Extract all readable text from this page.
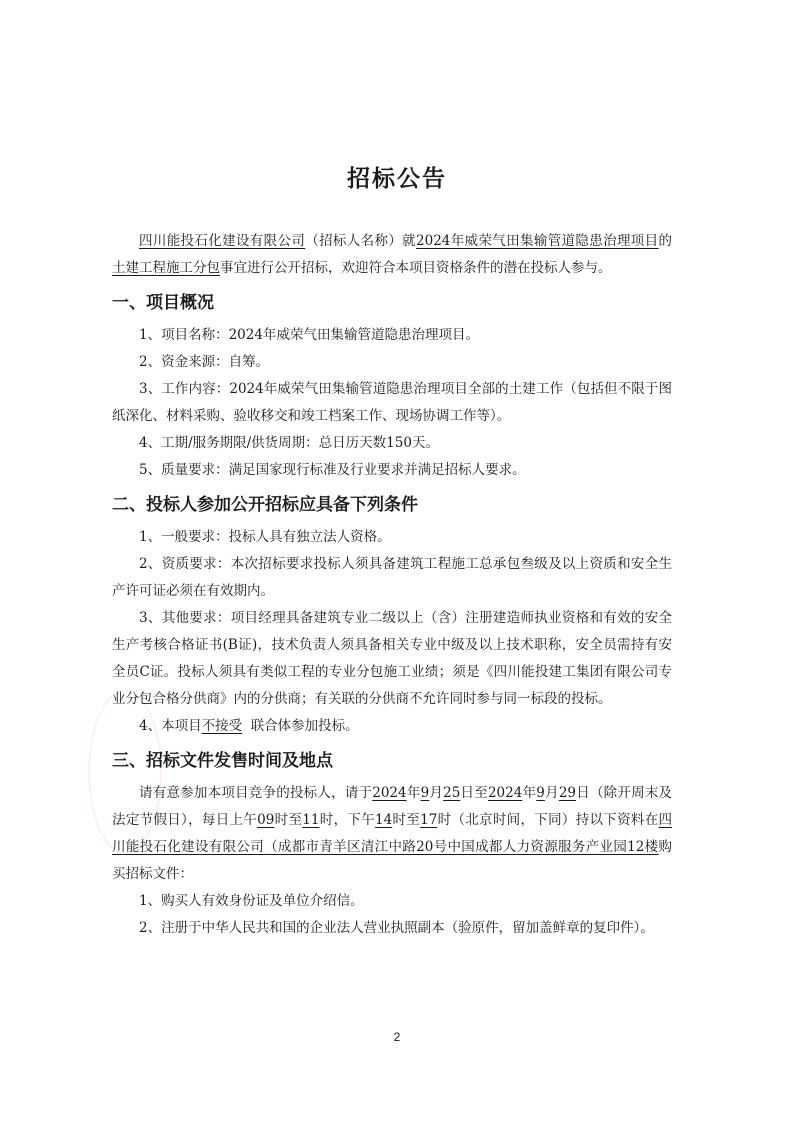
招标公告

四川能投石化建设有限公司（招标人名称）就2024年威荣气田集输管道隐患治理项目的土建工程施工分包事宜进行公开招标，欢迎符合本项目资格条件的潜在投标人参与。

一、项目概况

1、项目名称：2024年威荣气田集输管道隐患治理项目。

2、资金来源：自筹。

3、工作内容：2024年威荣气田集输管道隐患治理项目全部的土建工作（包括但不限于图纸深化、材料采购、验收移交和竣工档案工作、现场协调工作等）。

4、工期/服务期限/供货周期：总日历天数150天。

5、质量要求：满足国家现行标准及行业要求并满足招标人要求。

二、投标人参加公开招标应具备下列条件

1、一般要求：投标人具有独立法人资格。

2、资质要求：本次招标要求投标人须具备建筑工程施工总承包叁级及以上资质和安全生产许可证必须在有效期内。

3、其他要求：项目经理具备建筑专业二级以上（含）注册建造师执业资格和有效的安全生产考核合格证书(B证)，技术负责人须具备相关专业中级及以上技术职称，安全员需持有安全员C证。投标人须具有类似工程的专业分包施工业绩；须是《四川能投建工集团有限公司专业分包合格分供商》内的分供商；有关联的分供商不允许同时参与同一标段的投标。

4、本项目不接受 联合体参加投标。

三、招标文件发售时间及地点

请有意参加本项目竞争的投标人，请于2024年9月25日至2024年9月29日（除开周末及法定节假日），每日上午09时至11时，下午14时至17时（北京时间，下同）持以下资料在四川能投石化建设有限公司（成都市青羊区清江中路20号中国成都人力资源服务产业园12楼购买招标文件：

1、购买人有效身份证及单位介绍信。

2、注册于中华人民共和国的企业法人营业执照副本（验原件，留加盖鲜章的复印件）。

2
